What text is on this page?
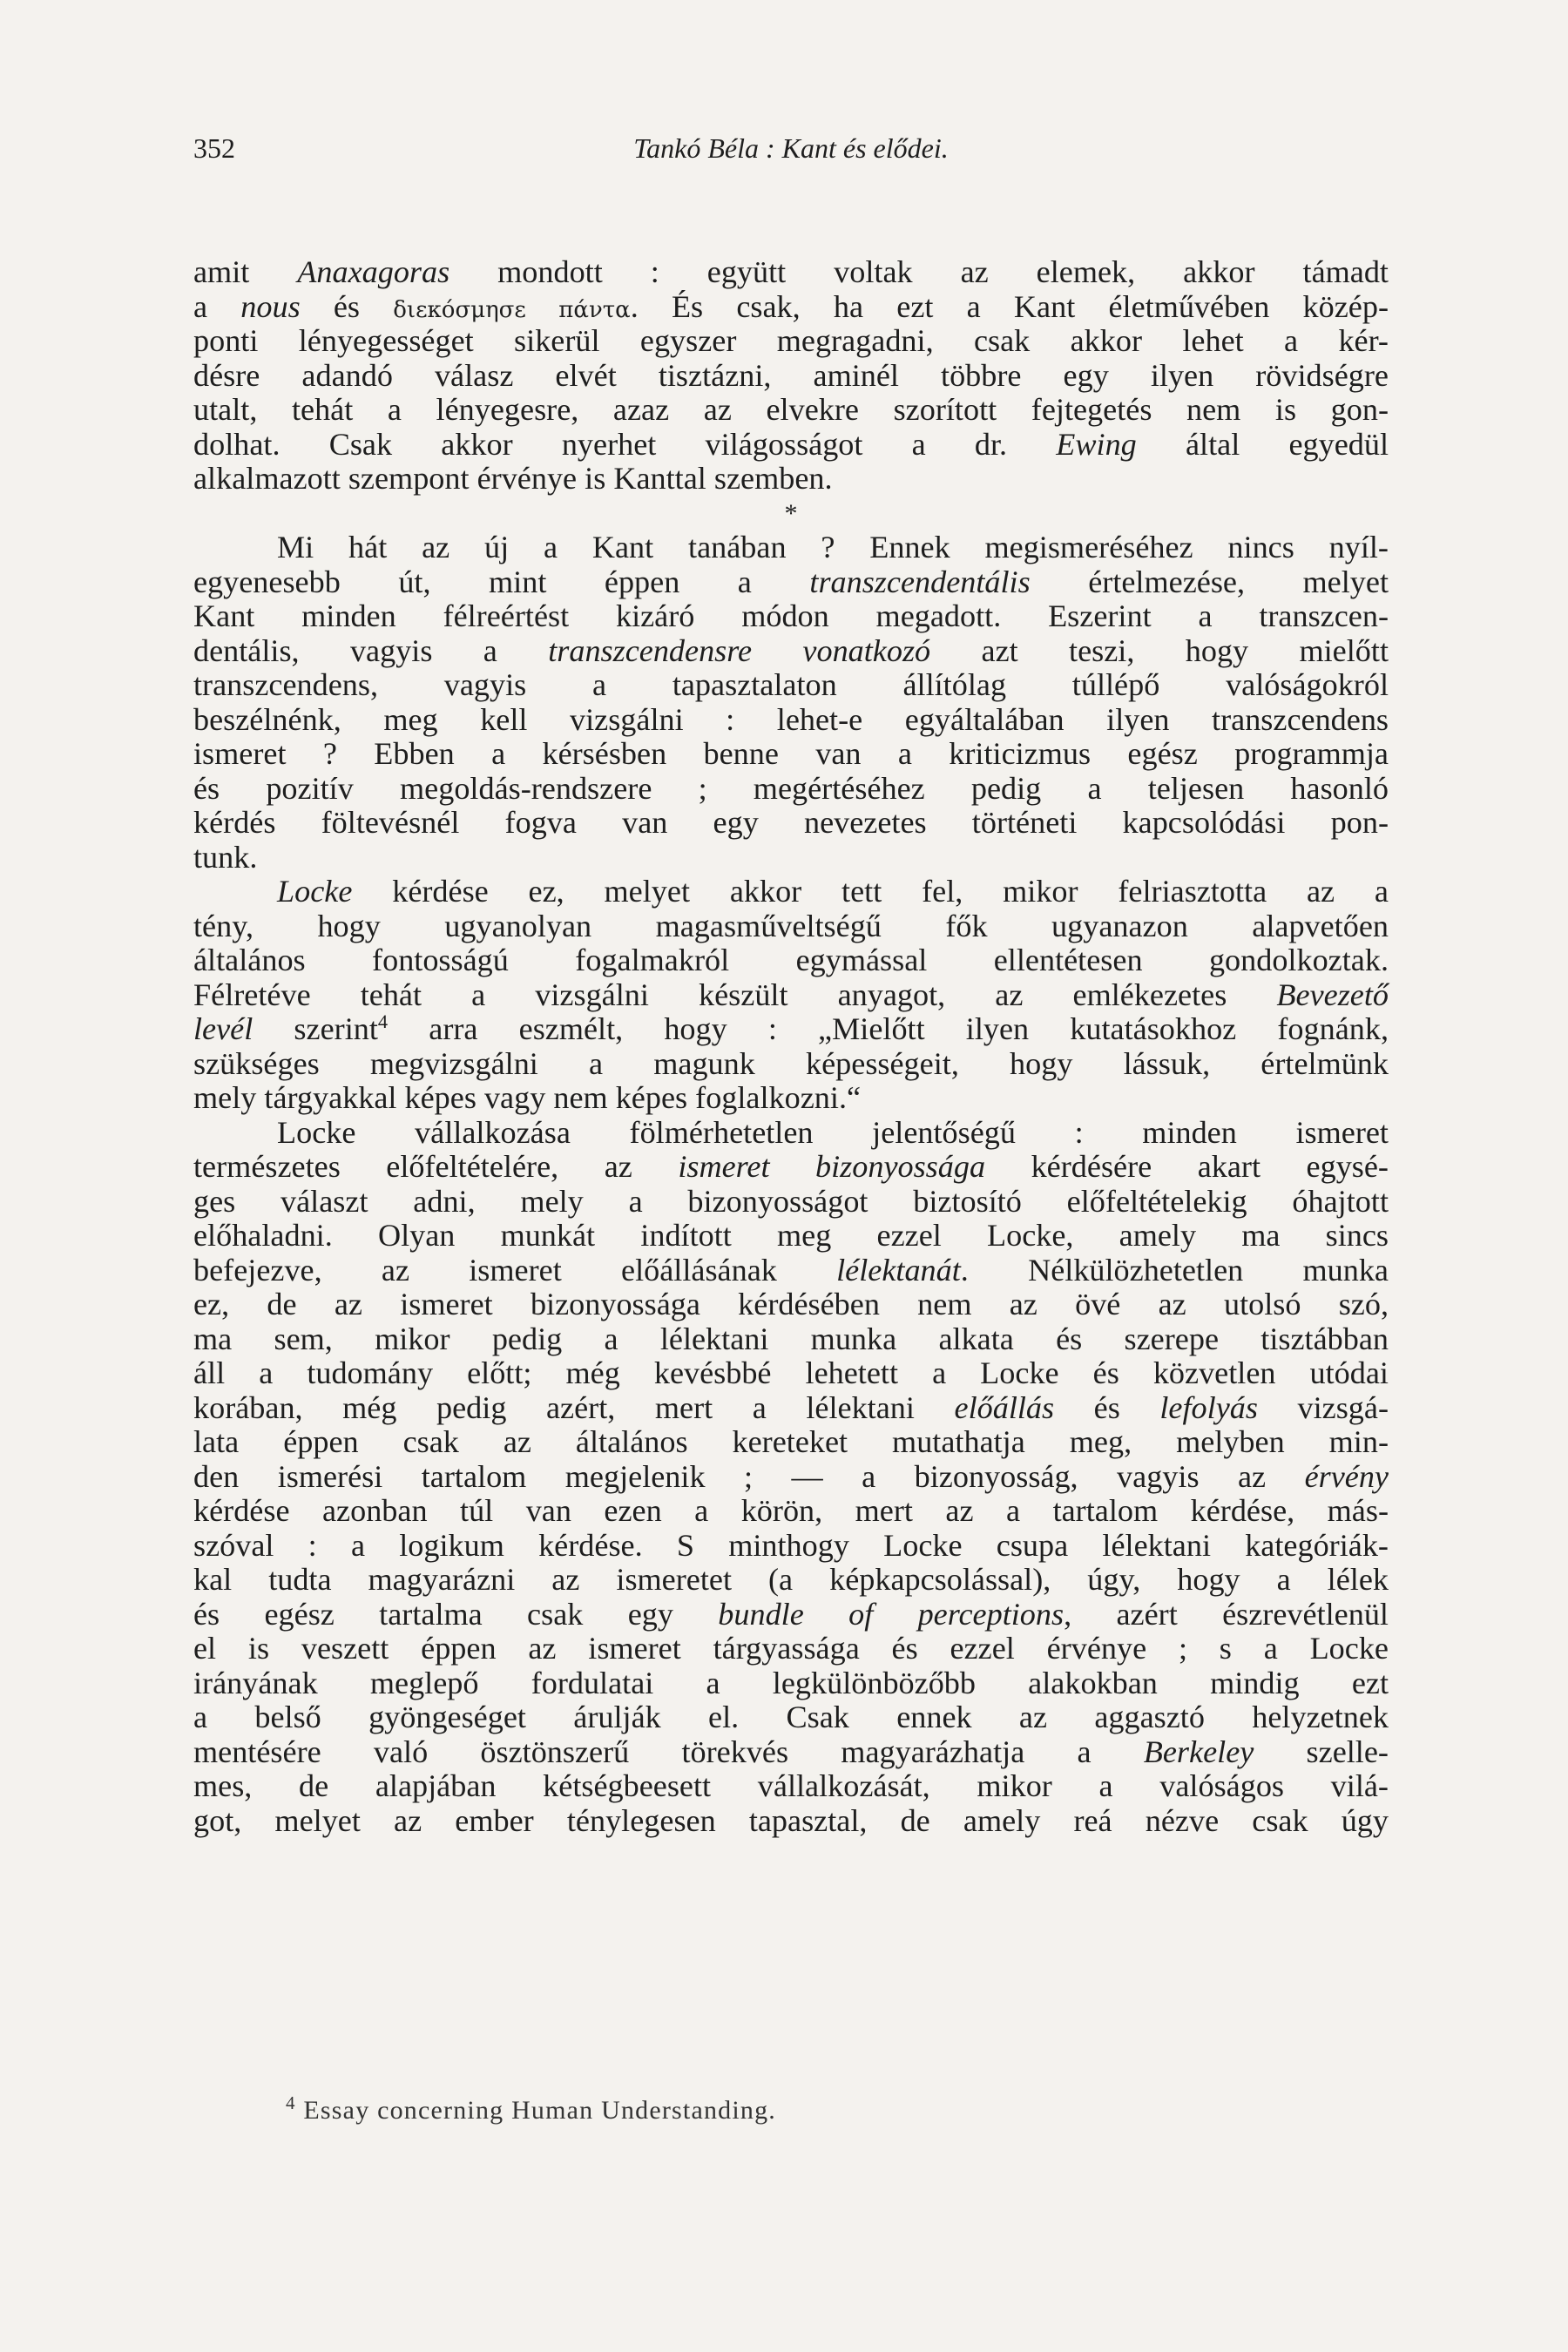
352	Tankó Béla : Kant és elődei.
amit Anaxagoras mondott : együtt voltak az elemek, akkor támadt
a nous és διεκόσμησε πάντα. És csak, ha ezt a Kant életművében közép-
ponti lényegességet sikerül egyszer megragadni, csak akkor lehet a kér-
désre adandó válasz elvét tisztázni, aminél többre egy ilyen rövidségre
utalt, tehát a lényegesre, azaz az elvekre szorított fejtegetés nem is gon-
dolhat. Csak akkor nyerhet világosságot a dr. Ewing által egyedül
alkalmazott szempont érvénye is Kanttal szemben.
*
Mi hát az új a Kant tanában ? Ennek megismeréséhez nincs nyíl-
egyenesebb út, mint éppen a transzcendentális értelmezése, melyet
Kant minden félreértést kizáró módon megadott. Eszerint a transzcen-
dentális, vagyis a transzcendensre vonatkozó azt teszi, hogy mielőtt
transzcendens, vagyis a tapasztalaton állítólag túllépő valóságokról
beszélnénk, meg kell vizsgálni : lehet-e egyáltalában ilyen transzcendens
ismeret ? Ebben a kérsésben benne van a kriticizmus egész programmja
és pozitív megoldás-rendszere ; megértéséhez pedig a teljesen hasonló
kérdés föltevésnél fogva van egy nevezetes történeti kapcsolódási pon-
tunk.
Locke kérdése ez, melyet akkor tett fel, mikor felriasztotta az a
tény, hogy ugyanolyan magasműveltségű fők ugyanazon alapvetően
általános fontosságú fogalmakról egymással ellentétesen gondolkoztak.
Félretéve tehát a vizsgálni készült anyagot, az emlékezetes Bevezető
levél szerint$^4$ arra eszmélt, hogy : „Mielőtt ilyen kutatásokhoz fognánk,
szükséges megvizsgálni a magunk képességeit, hogy lássuk, értelmünk
mely tárgyakkal képes vagy nem képes foglalkozni.“
Locke vállalkozása fölmérhetetlen jelentőségű : minden ismeret
természetes előfeltételére, az ismeret bizonyossága kérdésére akart egysé-
ges választ adni, mely a bizonyosságot biztosító előfeltételekig óhajtott
előhaladni. Olyan munkát indított meg ezzel Locke, amely ma sincs
befejezve, az ismeret előállásának lélektanát. Nélkülözhetetlen munka
ez, de az ismeret bizonyossága kérdésében nem az övé az utolsó szó,
ma sem, mikor pedig a lélektani munka alkata és szerepe tisztábban
áll a tudomány előtt; még kevésbbé lehetett a Locke és közvetlen utódai
korában, még pedig azért, mert a lélektani előállás és lefolyás vizsgá-
lata éppen csak az általános kereteket mutathatja meg, melyben min-
den ismerési tartalom megjelenik ; — a bizonyosság, vagyis az érvény
kérdése azonban túl van ezen a körön, mert az a tartalom kérdése, más-
szóval : a logikum kérdése. S minthogy Locke csupa lélektani kategóriák-
kal tudta magyarázni az ismeretet (a képkapcsolással), úgy, hogy a lélek
és egész tartalma csak egy bundle of perceptions, azért észrevétlenül
el is veszett éppen az ismeret tárgyassága és ezzel érvénye ; s a Locke
irányának meglepő fordulatai a legkülönbözőbb alakokban mindig ezt
a belső gyöngeséget árulják el. Csak ennek az aggasztó helyzetnek
mentésére való ösztönszerű törekvés magyarázhatja a Berkeley szelle-
mes, de alapjában kétségbeesett vállalkozását, mikor a valóságos vilá-
got, melyet az ember ténylegesen tapasztal, de amely reá nézve csak úgy
$^4$ Essay concerning Human Understanding.
